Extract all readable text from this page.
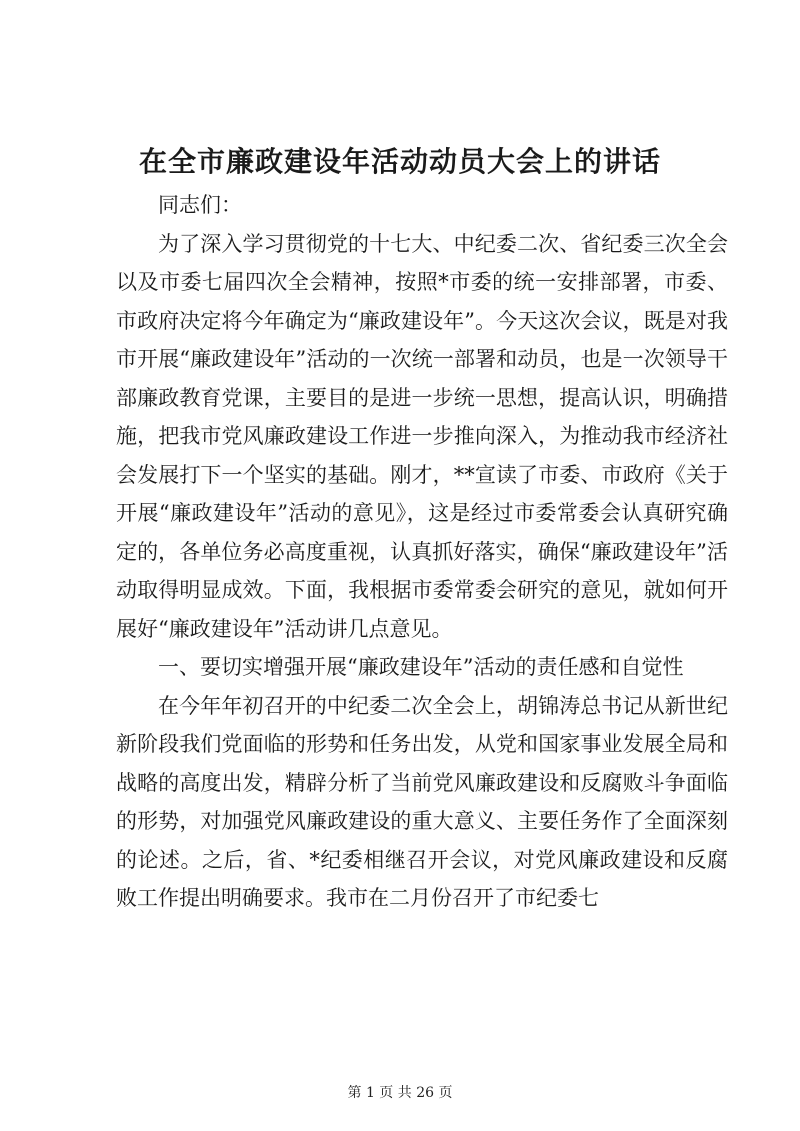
在全市廉政建设年活动动员大会上的讲话

同志们：

为了深入学习贯彻党的十七大、中纪委二次、省纪委三次全会以及市委七届四次全会精神，按照*市委的统一安排部署，市委、市政府决定将今年确定为“廉政建设年”。今天这次会议，既是对我市开展“廉政建设年”活动的一次统一部署和动员，也是一次领导干部廉政教育党课，主要目的是进一步统一思想，提高认识，明确措施，把我市党风廉政建设工作进一步推向深入，为推动我市经济社会发展打下一个坚实的基础。刚才，**宣读了市委、市政府《关于开展“廉政建设年”活动的意见》，这是经过市委常委会认真研究确定的，各单位务必高度重视，认真抓好落实，确保“廉政建设年”活动取得明显成效。下面，我根据市委常委会研究的意见，就如何开展好“廉政建设年”活动讲几点意见。

一、要切实增强开展“廉政建设年”活动的责任感和自觉性

在今年年初召开的中纪委二次全会上，胡锦涛总书记从新世纪新阶段我们党面临的形势和任务出发，从党和国家事业发展全局和战略的高度出发，精辟分析了当前党风廉政建设和反腐败斗争面临的形势，对加强党风廉政建设的重大意义、主要任务作了全面深刻的论述。之后，省、*纪委相继召开会议，对党风廉政建设和反腐败工作提出明确要求。我市在二月份召开了市纪委七

第 1 页 共 26 页
